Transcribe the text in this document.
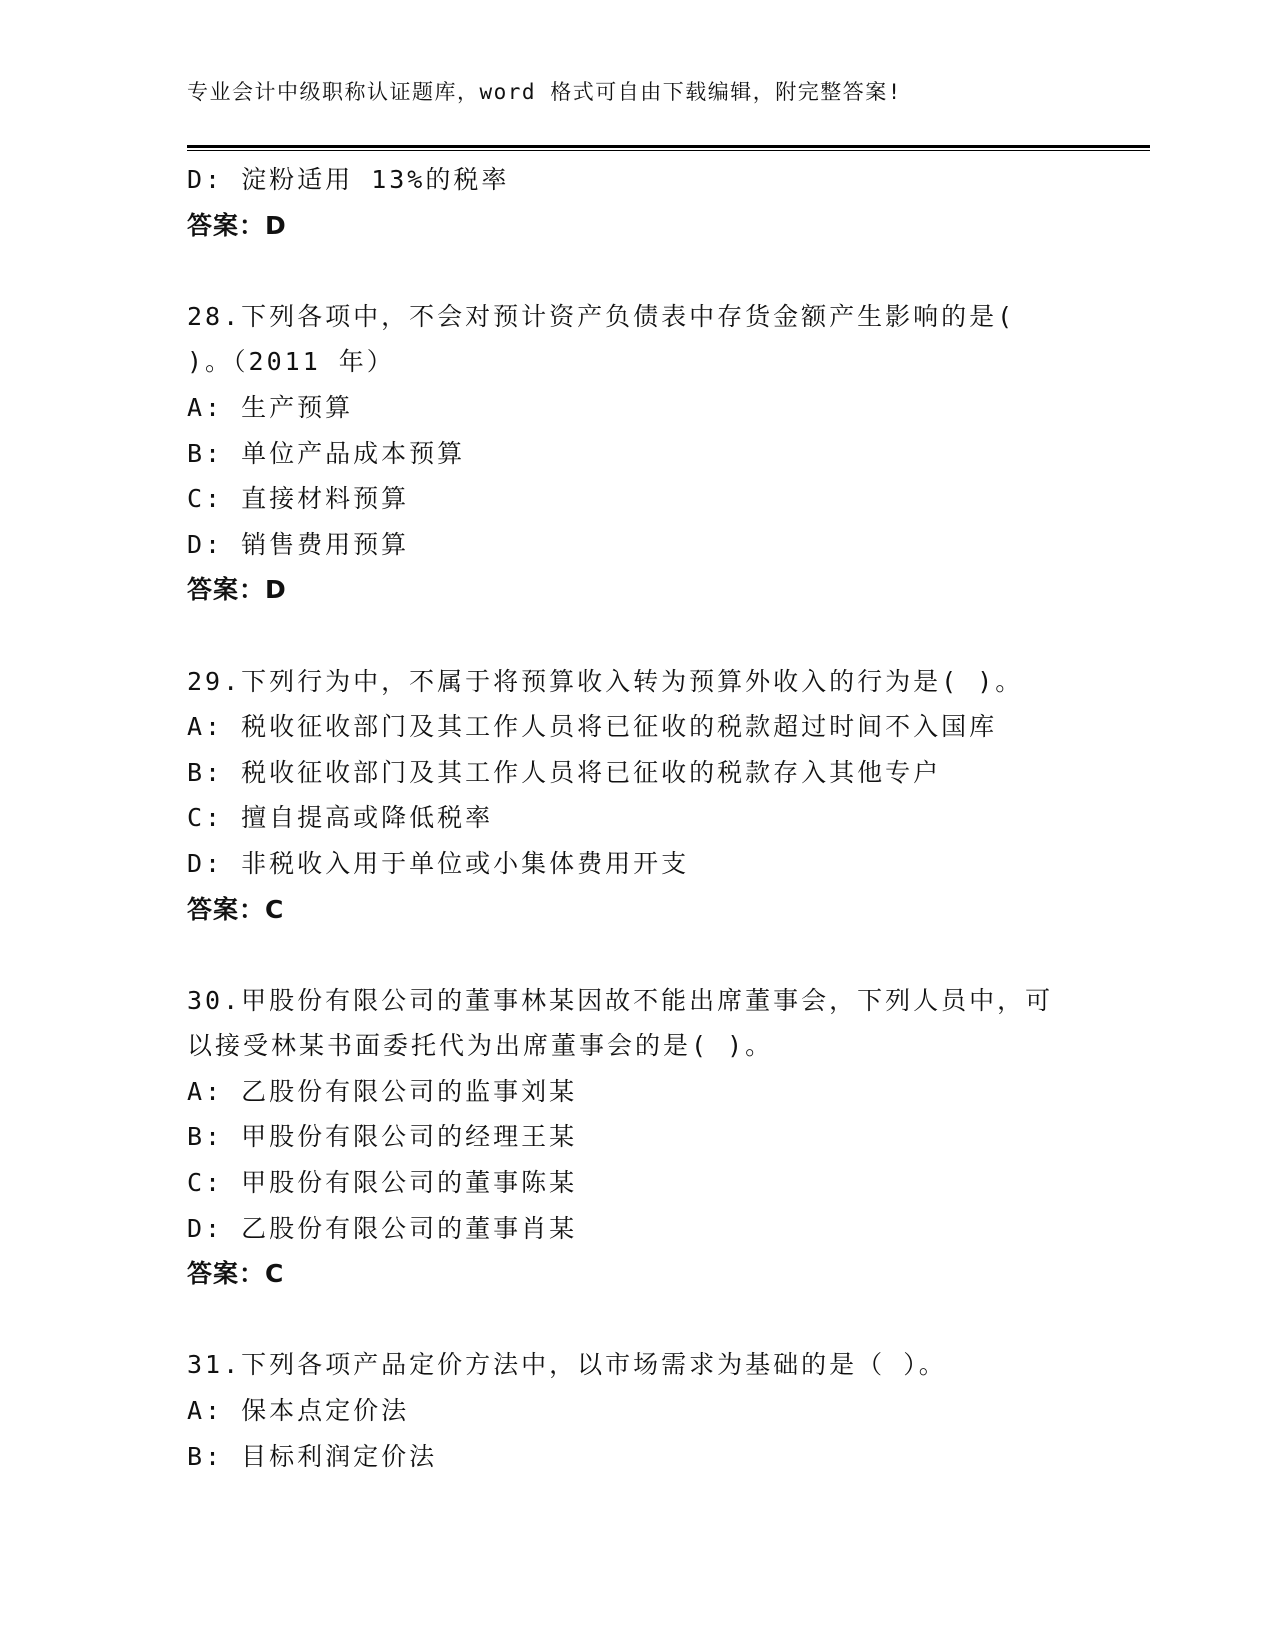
专业会计中级职称认证题库，word 格式可自由下载编辑，附完整答案!
D: 淀粉适用 13%的税率
答案：D
28.下列各项中，不会对预计资产负债表中存货金额产生影响的是(
)。（2011 年）
A: 生产预算
B: 单位产品成本预算
C: 直接材料预算
D: 销售费用预算
答案：D
29.下列行为中，不属于将预算收入转为预算外收入的行为是( )。
A: 税收征收部门及其工作人员将已征收的税款超过时间不入国库
B: 税收征收部门及其工作人员将已征收的税款存入其他专户
C: 擅自提高或降低税率
D: 非税收入用于单位或小集体费用开支
答案：C
30.甲股份有限公司的董事林某因故不能出席董事会，下列人员中，可
以接受林某书面委托代为出席董事会的是( )。
A: 乙股份有限公司的监事刘某
B: 甲股份有限公司的经理王某
C: 甲股份有限公司的董事陈某
D: 乙股份有限公司的董事肖某
答案：C
31.下列各项产品定价方法中，以市场需求为基础的是（ ）。
A: 保本点定价法
B: 目标利润定价法
